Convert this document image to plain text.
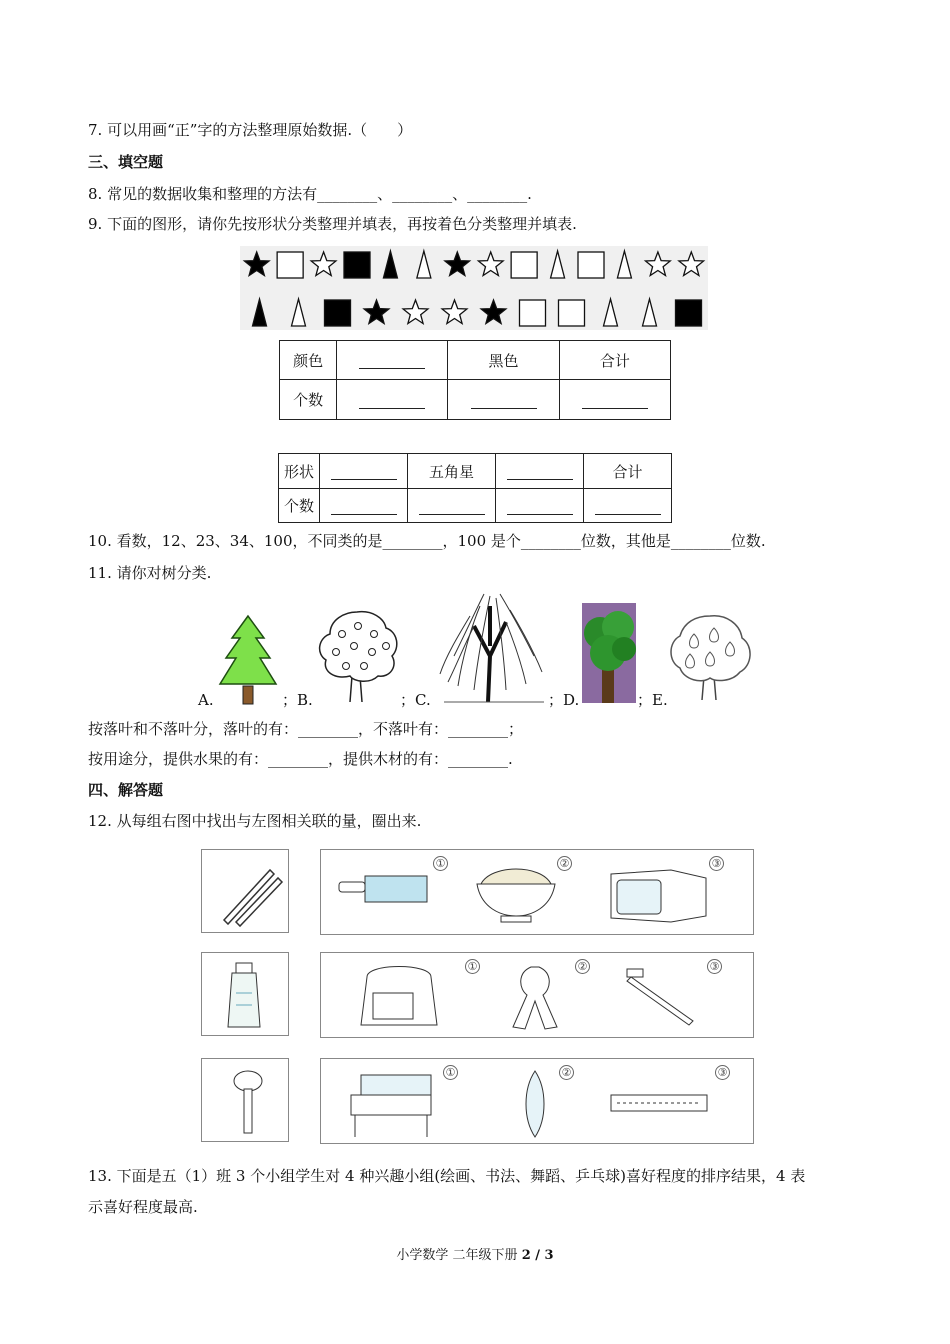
7. 可以用画“正”字的方法整理原始数据.（　　）
三、填空题
8. 常见的数据收集和整理的方法有________、________、________.
9. 下面的图形，请你先按形状分类整理并填表，再按着色分类整理并填表.
颜色		黑色	合计
个数			
形状		五角星		合计
个数				
10. 看数，12、23、34、100，不同类的是________，100 是个________位数，其他是________位数.
11. 请你对树分类.
A.	；B.	；C.	；D.	；E.
按落叶和不落叶分，落叶的有：________，不落叶有：________；
按用途分，提供水果的有：________，提供木材的有：________.
四、解答题
12. 从每组右图中找出与左图相关联的量，圈出来.
①	②	③
①	②	③
①	②	③
13. 下面是五（1）班 3 个小组学生对 4 种兴趣小组(绘画、书法、舞蹈、乒乓球)喜好程度的排序结果，4 表
示喜好程度最高.
小学数学 二年级下册 2 / 3
